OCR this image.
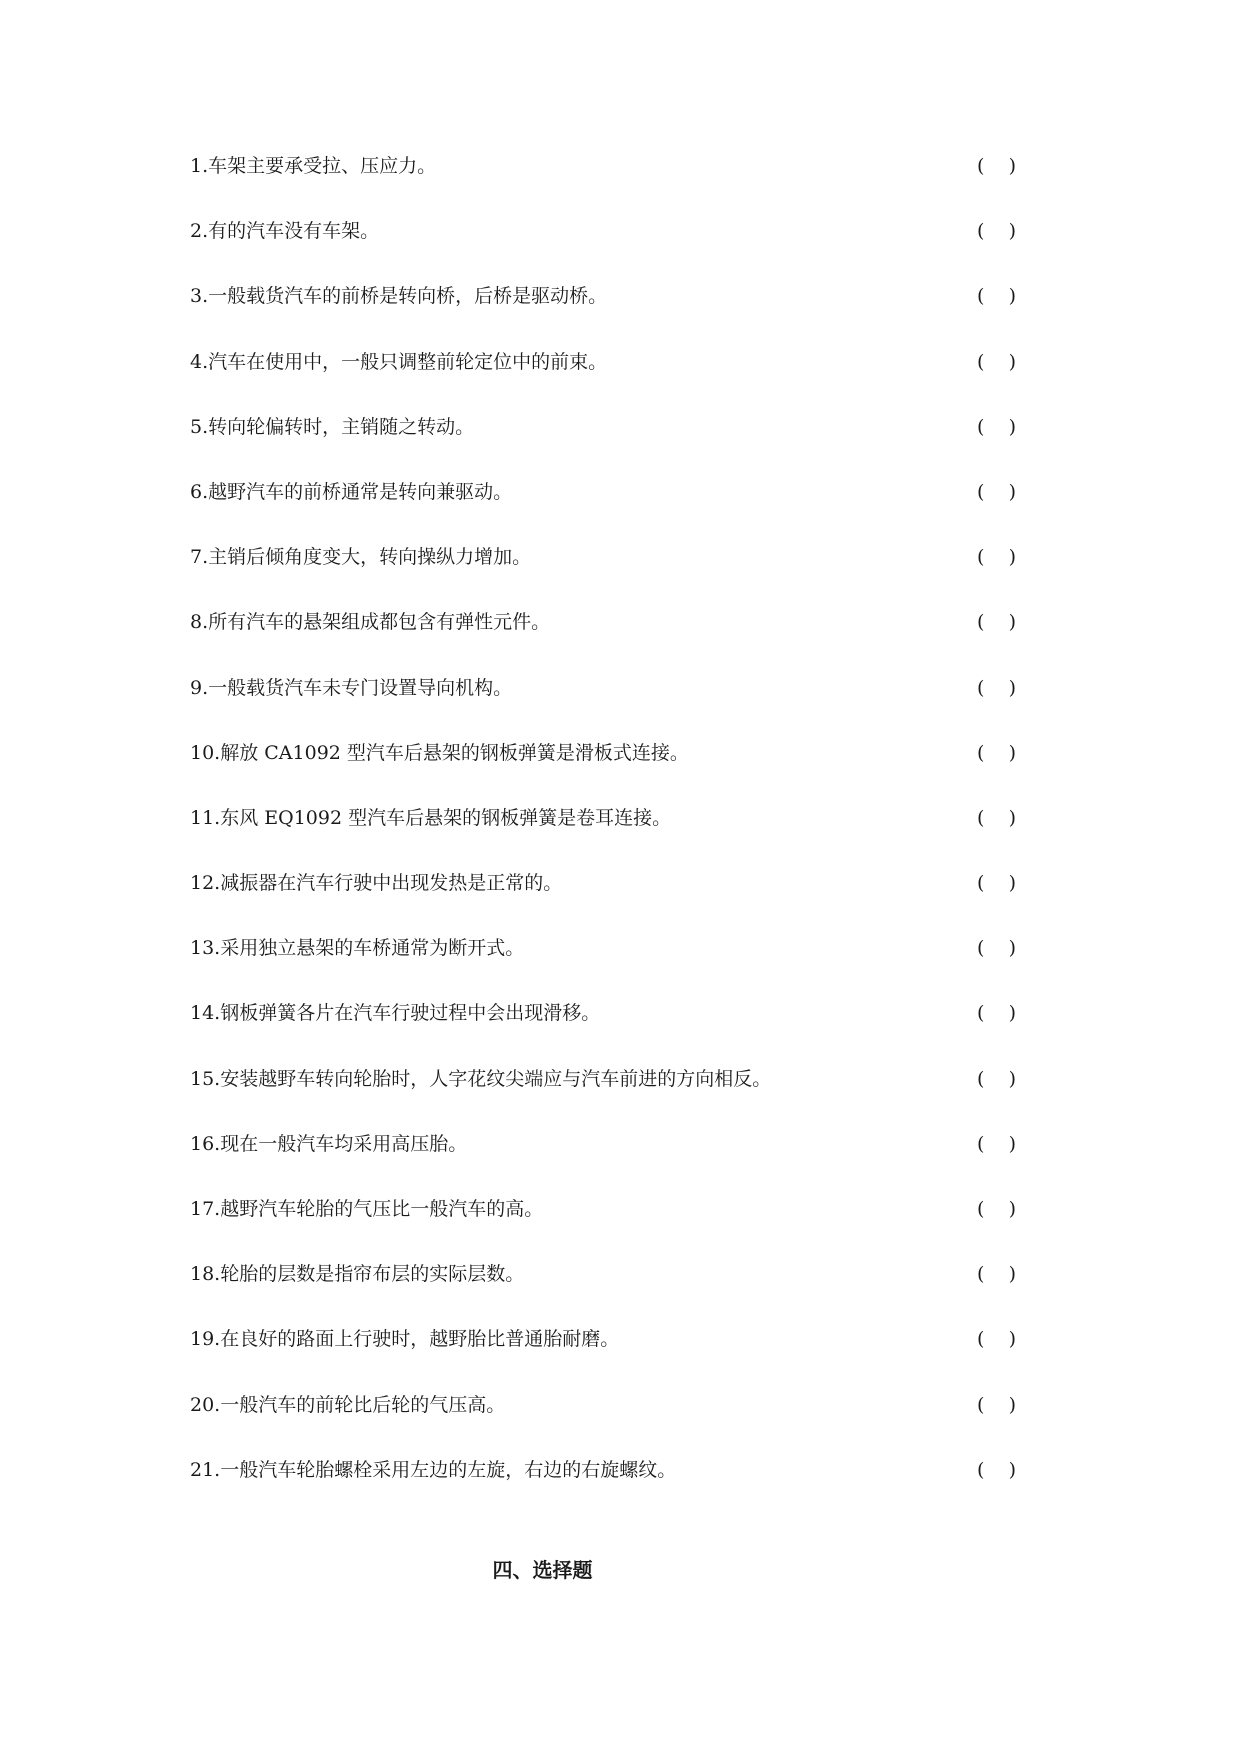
1.车架主要承受拉、压应力。	(    )
2.有的汽车没有车架。	(    )
3.一般载货汽车的前桥是转向桥，后桥是驱动桥。	(    )
4.汽车在使用中，一般只调整前轮定位中的前束。	(    )
5.转向轮偏转时，主销随之转动。	(    )
6.越野汽车的前桥通常是转向兼驱动。	(    )
7.主销后倾角度变大，转向操纵力增加。	(    )
8.所有汽车的悬架组成都包含有弹性元件。	(    )
9.一般载货汽车未专门设置导向机构。	(    )
10.解放 CA1092 型汽车后悬架的钢板弹簧是滑板式连接。	(    )
11.东风 EQ1092 型汽车后悬架的钢板弹簧是卷耳连接。	(    )
12.减振器在汽车行驶中出现发热是正常的。	(    )
13.采用独立悬架的车桥通常为断开式。	(    )
14.钢板弹簧各片在汽车行驶过程中会出现滑移。	(    )
15.安装越野车转向轮胎时，人字花纹尖端应与汽车前进的方向相反。	(    )
16.现在一般汽车均采用高压胎。	(    )
17.越野汽车轮胎的气压比一般汽车的高。	(    )
18.轮胎的层数是指帘布层的实际层数。	(    )
19.在良好的路面上行驶时，越野胎比普通胎耐磨。	(    )
20.一般汽车的前轮比后轮的气压高。	(    )
21.一般汽车轮胎螺栓采用左边的左旋，右边的右旋螺纹。	(    )
四、选择题
